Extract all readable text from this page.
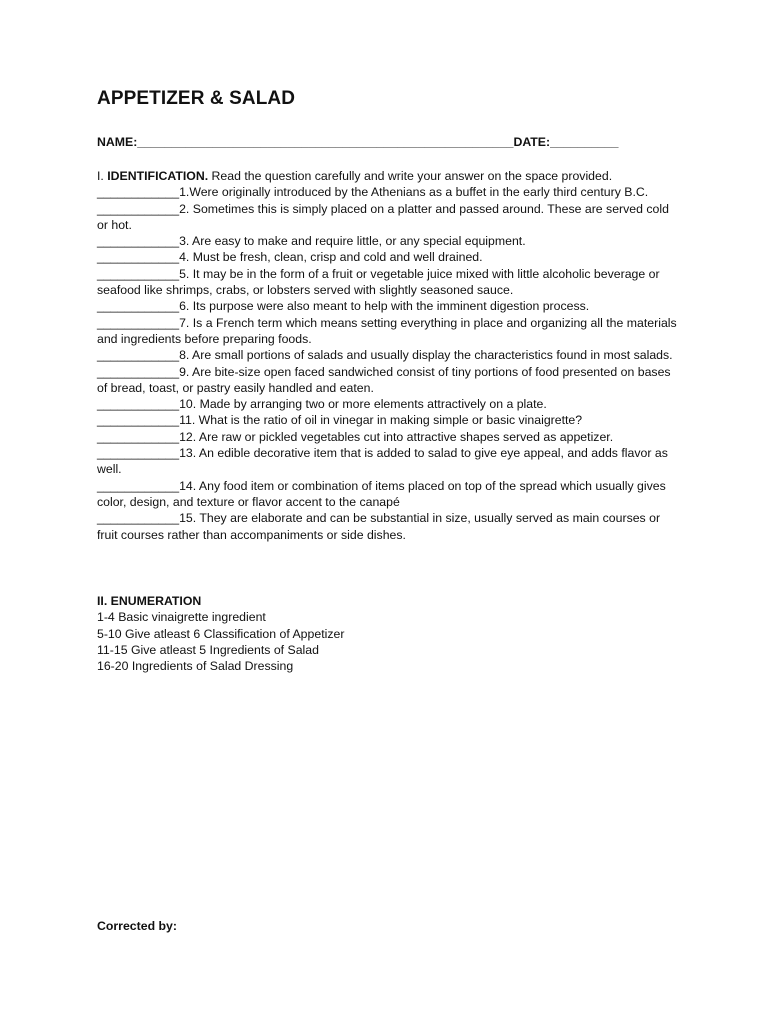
APPETIZER & SALAD
NAME:_______________________________________________________DATE:__________
I. IDENTIFICATION. Read the question carefully and write your answer on the space provided.

____________1.Were originally introduced by the Athenians as a buffet in the early third century B.C.

____________2. Sometimes this is simply placed on a platter and passed around. These are served cold or hot.

____________3. Are easy to make and require little, or any special equipment.

____________4. Must be fresh, clean, crisp and cold and well drained.

____________5. It may be in the form of a fruit or vegetable juice mixed with little alcoholic beverage or seafood like shrimps, crabs, or lobsters served with slightly seasoned sauce.

____________6. Its purpose were also meant to help with the imminent digestion process.

____________7. Is a French term which means setting everything in place and organizing all the materials and ingredients before preparing foods.

____________8. Are small portions of salads and usually display the characteristics found in most salads.

____________9. Are bite-size open faced sandwiched consist of tiny portions of food presented on bases of bread, toast, or pastry easily handled and eaten.

____________10. Made by arranging two or more elements attractively on a plate.

____________11. What is the ratio of oil in vinegar in making simple or basic vinaigrette?

____________12. Are raw or pickled vegetables cut into attractive shapes served as appetizer.

____________13. An edible decorative item that is added to salad to give eye appeal, and adds flavor as well.

____________14. Any food item or combination of items placed on top of the spread which usually gives color, design, and texture or flavor accent to the canapé

____________15. They are elaborate and can be substantial in size, usually served as main courses or fruit courses rather than accompaniments or side dishes.

II. ENUMERATION
1-4 Basic vinaigrette ingredient
5-10 Give atleast 6 Classification of Appetizer
11-15 Give atleast 5 Ingredients of Salad
16-20 Ingredients of Salad Dressing
Corrected by:
